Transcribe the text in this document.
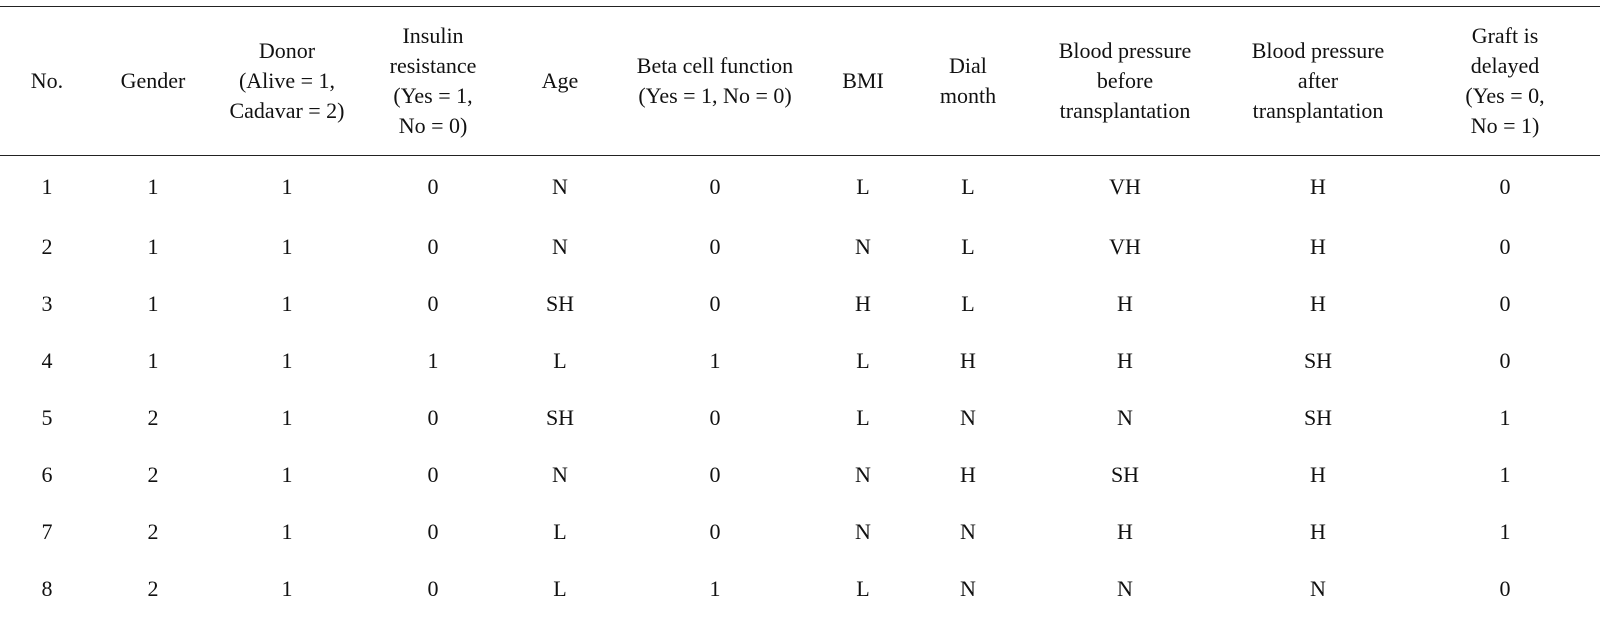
No.	Gender	Donor
(Alive = 1,
Cadavar = 2)	Insulin
resistance
(Yes = 1,
No = 0)	Age	Beta cell function
(Yes = 1, No = 0)	BMI	Dial
month	Blood pressure
before
transplantation	Blood pressure
after
transplantation	Graft is
delayed
(Yes = 0,
No = 1)

1	1	1	0	N	0	L	L	VH	H	0
2	1	1	0	N	0	N	L	VH	H	0
3	1	1	0	SH	0	H	L	H	H	0
4	1	1	1	L	1	L	H	H	SH	0
5	2	1	0	SH	0	L	N	N	SH	1
6	2	1	0	N	0	N	H	SH	H	1
7	2	1	0	L	0	N	N	H	H	1
8	2	1	0	L	1	L	N	N	N	0
